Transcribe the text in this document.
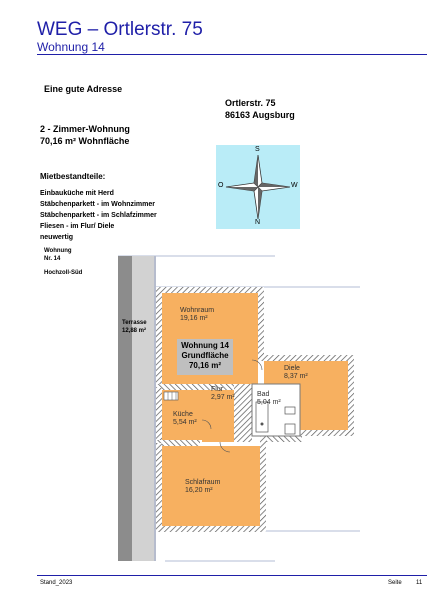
WEG – Ortlerstr. 75
Wohnung 14
Eine gute Adresse
2 - Zimmer-Wohnung
70,16 m² Wohnfläche
Ortlerstr. 75
86163 Augsburg
S
N
O	W
Mietbestandteile:
Einbauküche mit Herd
Stäbchenparkett - im Wohnzimmer
Stäbchenparkett - im Schlafzimmer
Fliesen - im Flur/ Diele
neuwertig
Wohnung
Nr. 14
Hochzoll-Süd
Terrasse
12,88 m²
Wohnraum
19,16 m²
Wohnung 14
Grundfläche
70,16 m²	Diele
8,37 m²
Flur
2,97 m²	Bad
5,04 m²
Küche
5,54 m²
Schlafraum
16,20 m²
Stand_2023	Seite 11
